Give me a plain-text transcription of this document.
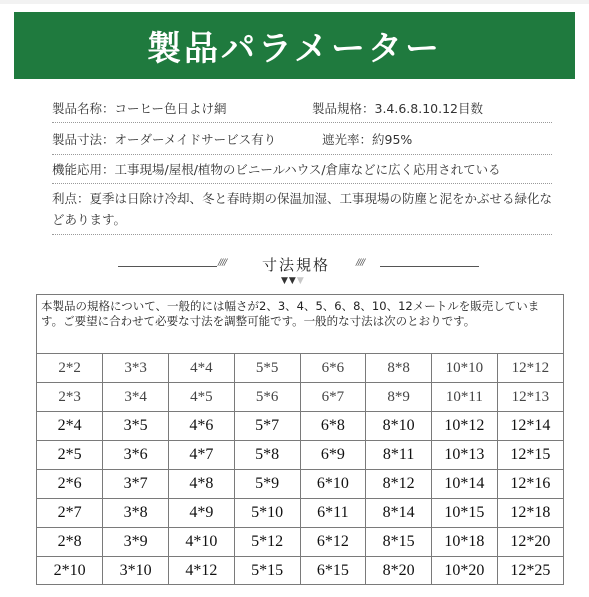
製品パラメーター
製品名称：コーヒー色日よけ網	製品規格：3.4.6.8.10.12目数
製品寸法：オーダーメイドサービス有り	遮光率：約95%
機能応用：工事現場/屋根/植物のビニールハウス/倉庫などに広く応用されている
利点：夏季は日除け冷却、冬と春時期の保温加湿、工事現場の防塵と泥をかぶせる緑化などあります。
//// 寸法規格	////
▼▼▼
本製品の規格について、一般的には幅さが2、3、4、5、6、8、10、12メートルを販売しています。ご要望に合わせて必要な寸法を調整可能です。一般的な寸法は次のとおりです。
2*2	3*3	4*4	5*5	6*6	8*8	10*10	12*12
2*3	3*4	4*5	5*6	6*7	8*9	10*11	12*13
2*4	3*5	4*6	5*7	6*8	8*10	10*12	12*14
2*5	3*6	4*7	5*8	6*9	8*11	10*13	12*15
2*6	3*7	4*8	5*9	6*10	8*12	10*14	12*16
2*7	3*8	4*9	5*10	6*11	8*14	10*15	12*18
2*8	3*9	4*10	5*12	6*12	8*15	10*18	12*20
2*10	3*10	4*12	5*15	6*15	8*20	10*20	12*25
